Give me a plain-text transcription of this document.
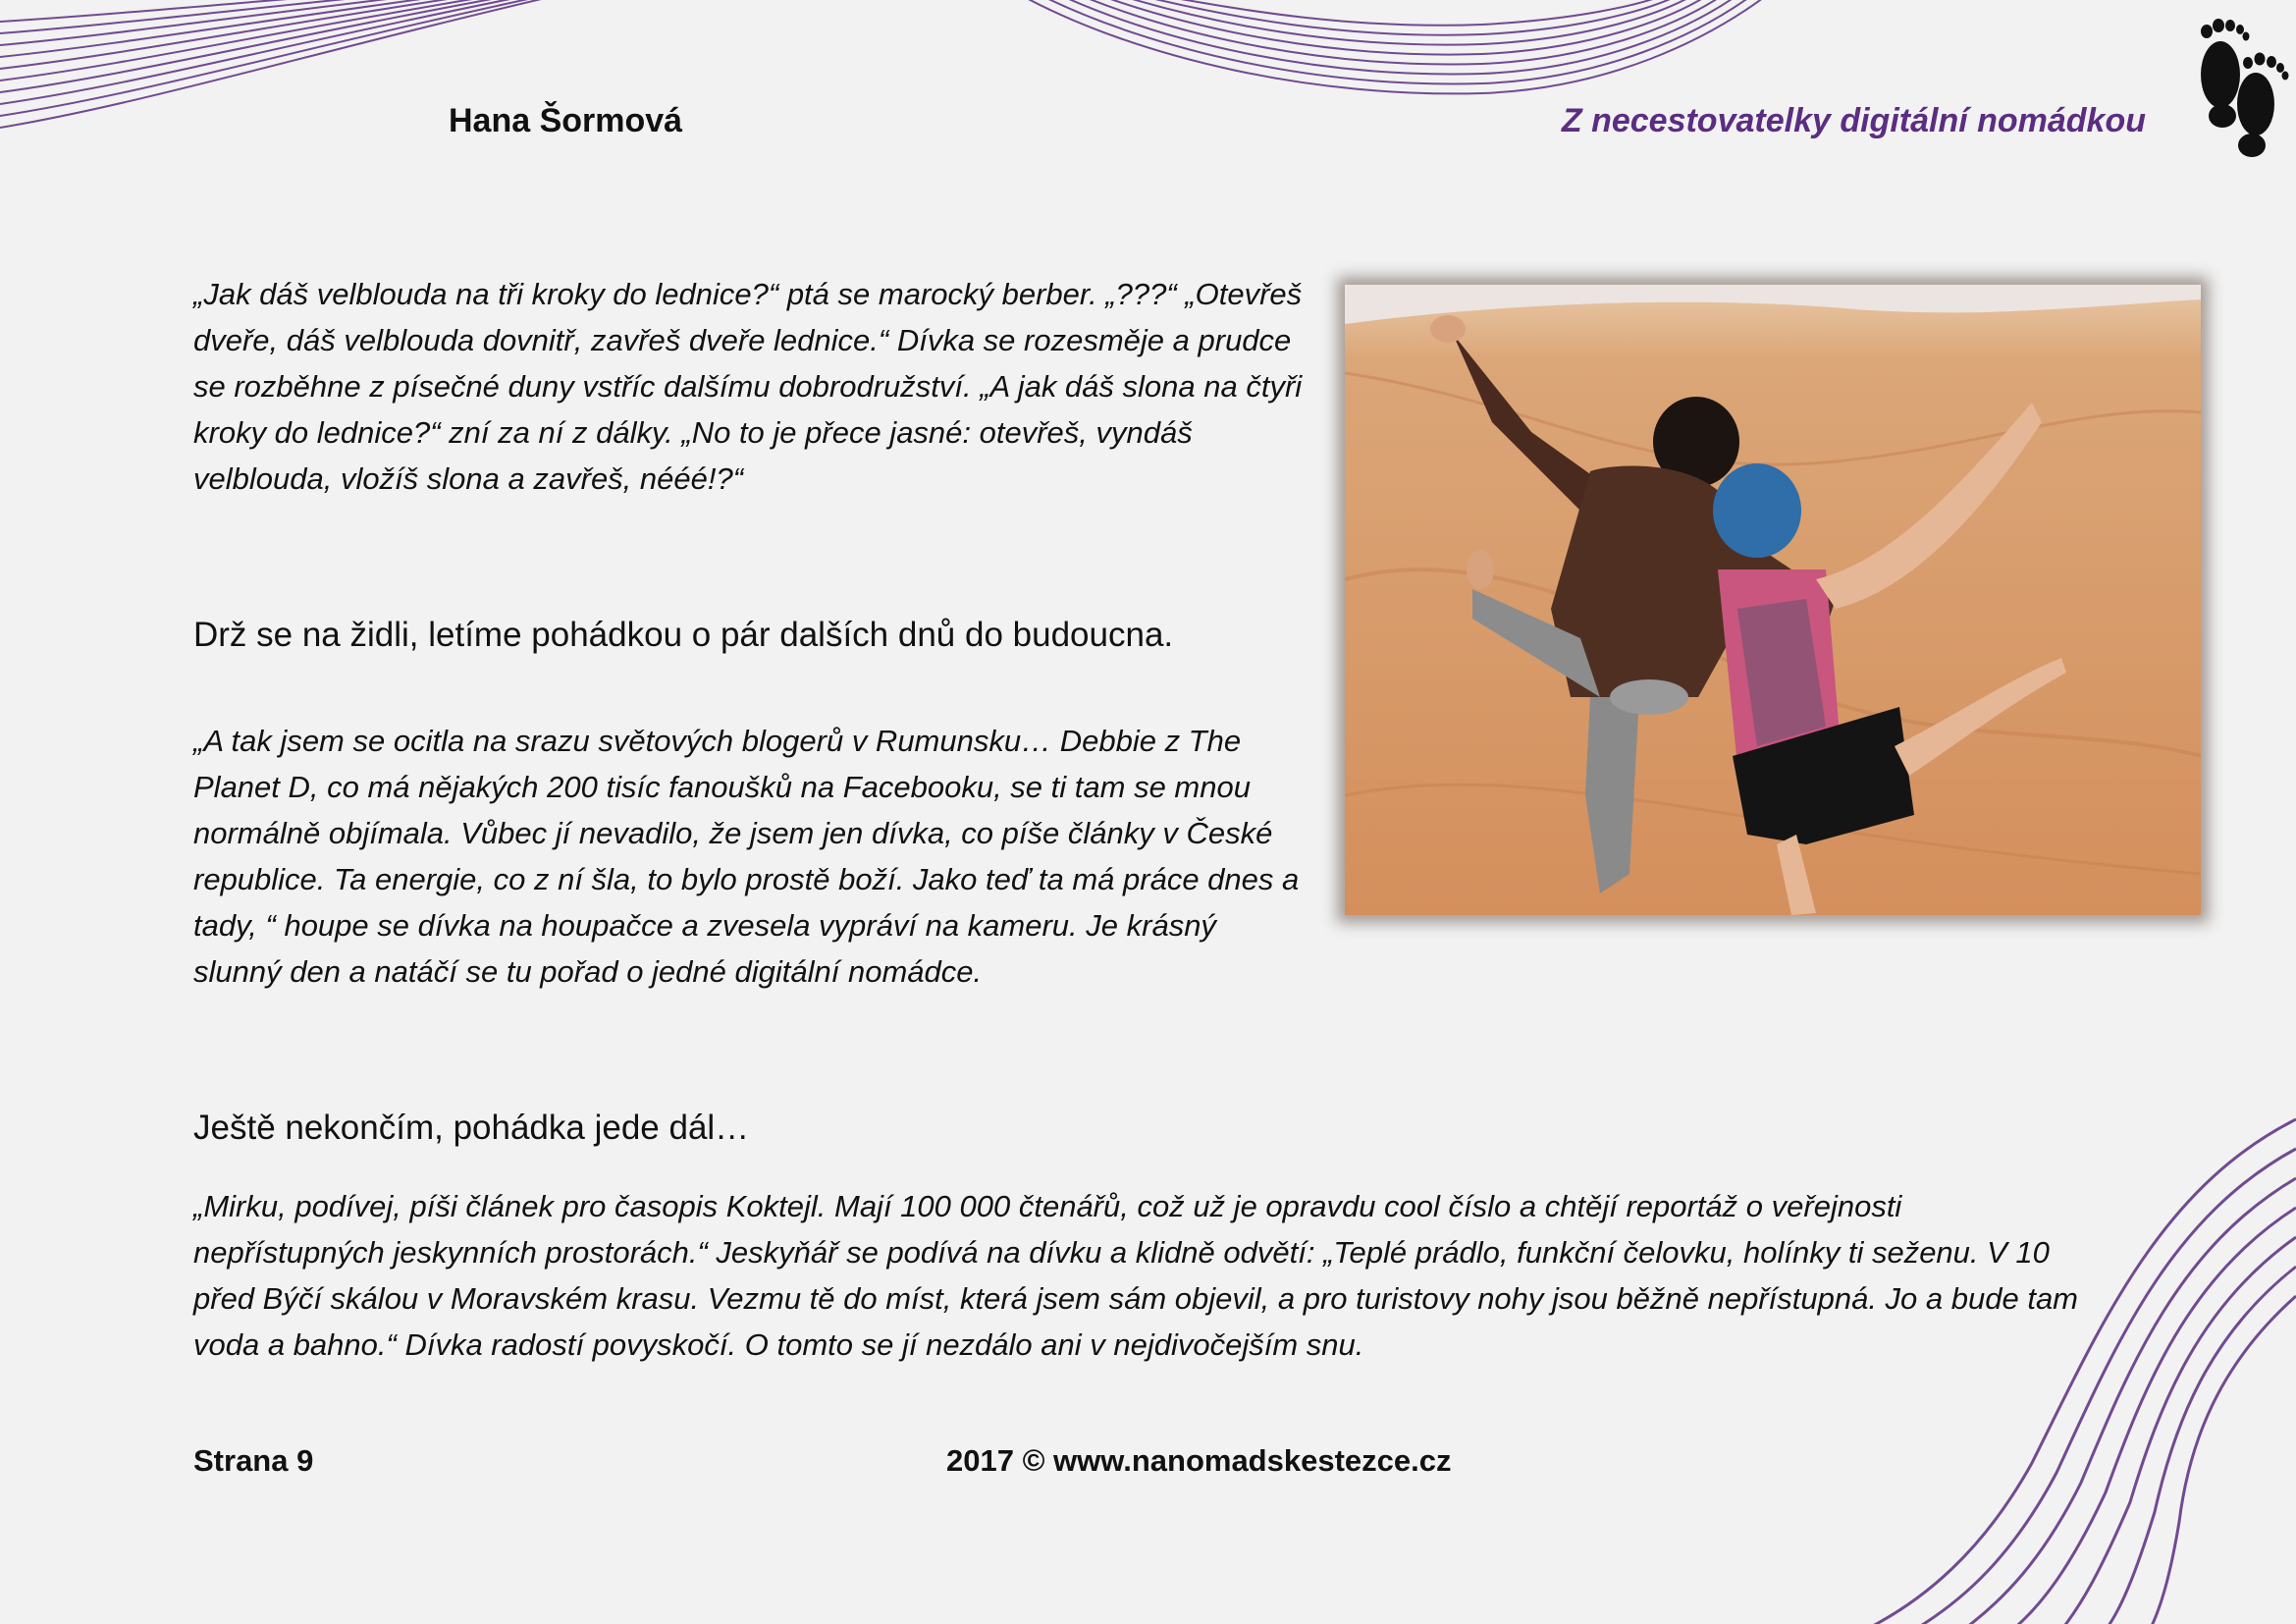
Hana Šormová	Z necestovatelky digitální nomádkou

„Jak dáš velblouda na tři kroky do lednice?“ ptá se marocký berber. „???“ „Otevřeš dveře, dáš velblouda dovnitř, zavřeš dveře lednice.“ Dívka se rozesměje a prudce se rozběhne z písečné duny vstříc dalšímu dobrodružství. „A jak dáš slona na čtyři kroky do lednice?“ zní za ní z dálky. „No to je přece jasné: otevřeš, vyndáš velblouda, vložíš slona a zavřeš, nééé!?“

Drž se na židli, letíme pohádkou o pár dalších dnů do budoucna.

„A tak jsem se ocitla na srazu světových blogerů v Rumunsku… Debbie z The Planet D, co má nějakých 200 tisíc fanoušků na Facebooku, se ti tam se mnou normálně objímala. Vůbec jí nevadilo, že jsem jen dívka, co píše články v České republice. Ta energie, co z ní šla, to bylo prostě boží. Jako teď ta má práce dnes a tady, “ houpe se dívka na houpačce a zvesela vypráví na kameru. Je krásný slunný den a natáčí se tu pořad o jedné digitální nomádce.

Ještě nekončím, pohádka jede dál…

„Mirku, podívej, píši článek pro časopis Koktejl. Mají 100 000 čtenářů, což už je opravdu cool číslo a chtějí reportáž o veřejnosti nepřístupných jeskynních prostorách.“ Jeskyňář se podívá na dívku a klidně odvětí: „Teplé prádlo, funkční čelovku, holínky ti seženu. V 10 před Býčí skálou v Moravském krasu. Vezmu tě do míst, která jsem sám objevil, a pro turistovy nohy jsou běžně nepřístupná. Jo a bude tam voda a bahno.“ Dívka radostí povyskočí. O tomto se jí nezdálo ani v nejdivočejším snu.

Strana 9	2017 © www.nanomadskestezce.cz
